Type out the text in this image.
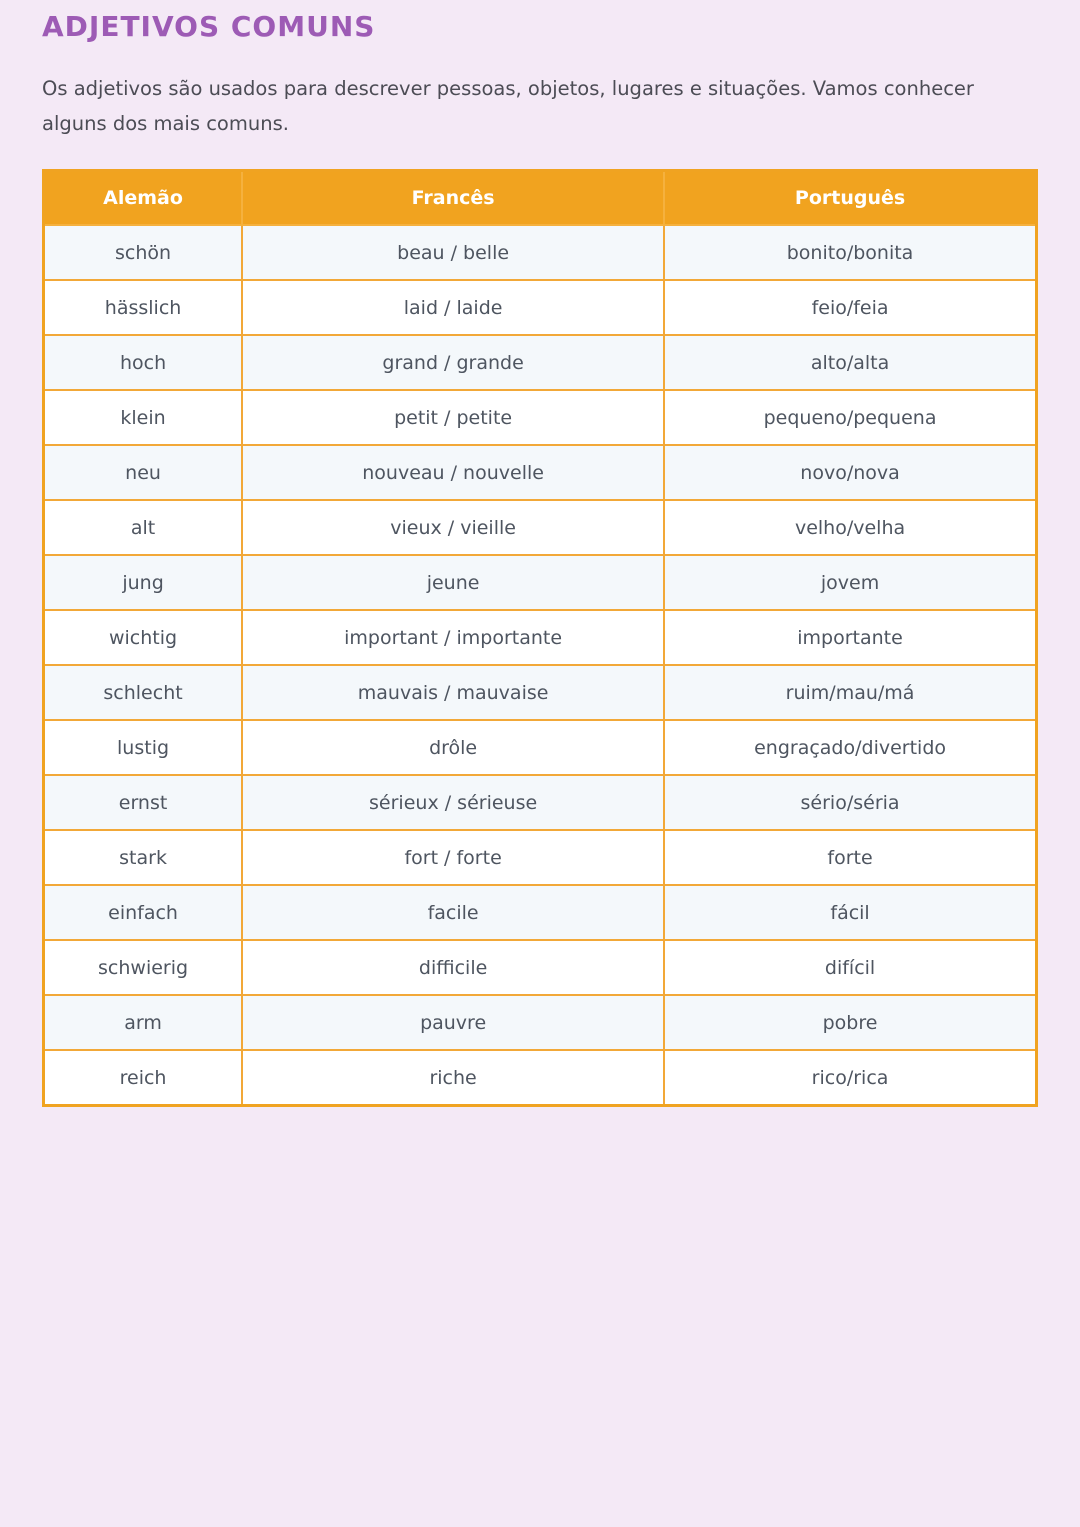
ADJETIVOS COMUNS

Os adjetivos são usados para descrever pessoas, objetos, lugares e situações. Vamos conhecer alguns dos mais comuns.

Alemão	Francês	Português
schön	beau / belle	bonito/bonita
hässlich	laid / laide	feio/feia
hoch	grand / grande	alto/alta
klein	petit / petite	pequeno/pequena
neu	nouveau / nouvelle	novo/nova
alt	vieux / vieille	velho/velha
jung	jeune	jovem
wichtig	important / importante	importante
schlecht	mauvais / mauvaise	ruim/mau/má
lustig	drôle	engraçado/divertido
ernst	sérieux / sérieuse	sério/séria
stark	fort / forte	forte
einfach	facile	fácil
schwierig	difficile	difícil
arm	pauvre	pobre
reich	riche	rico/rica
